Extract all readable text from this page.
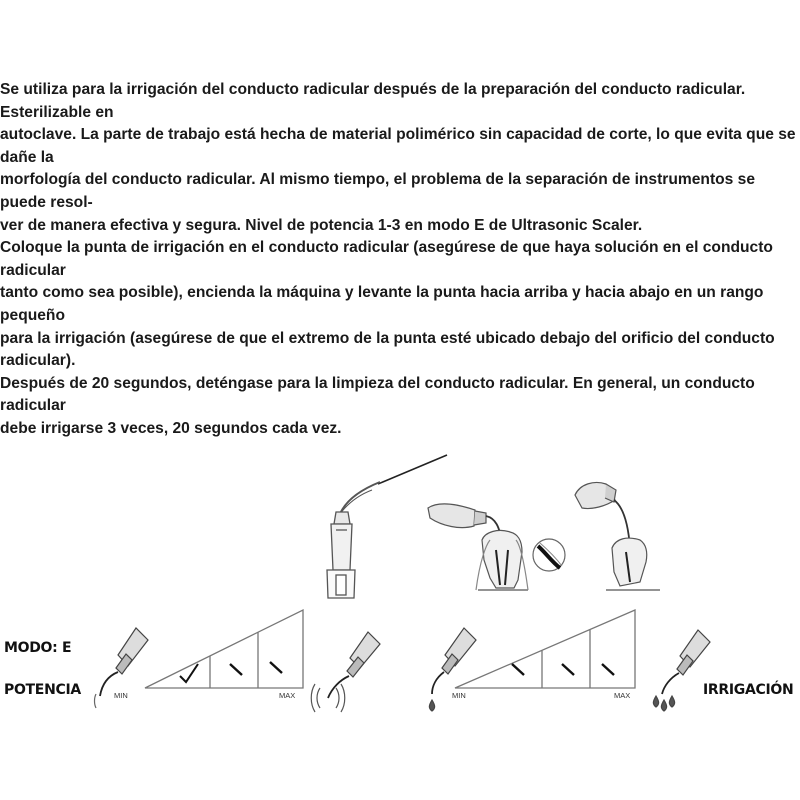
Se utiliza para la irrigación del conducto radicular después de la preparación del conducto radicular. Esterilizable en

autoclave. La parte de trabajo está hecha de material polimérico sin capacidad de corte, lo que evita que se dañe la

morfología del conducto radicular. Al mismo tiempo, el problema de la separación de instrumentos se puede resol-

ver de manera efectiva y segura. Nivel de potencia 1-3 en modo E de Ultrasonic Scaler.

Coloque la punta de irrigación en el conducto radicular (asegúrese de que haya solución en el conducto radicular

tanto como sea posible), encienda la máquina y levante la punta hacia arriba y hacia abajo en un rango pequeño

para la irrigación (asegúrese de que el extremo de la punta esté ubicado debajo del orificio del conducto radicular).

Después de 20 segundos, deténgase para la limpieza del conducto radicular. En general, un conducto radicular

debe irrigarse 3 veces, 20 segundos cada vez.

MODO: E
POTENCIA	IRRIGACIÓN
MIN	MAX	MIN	MAX
